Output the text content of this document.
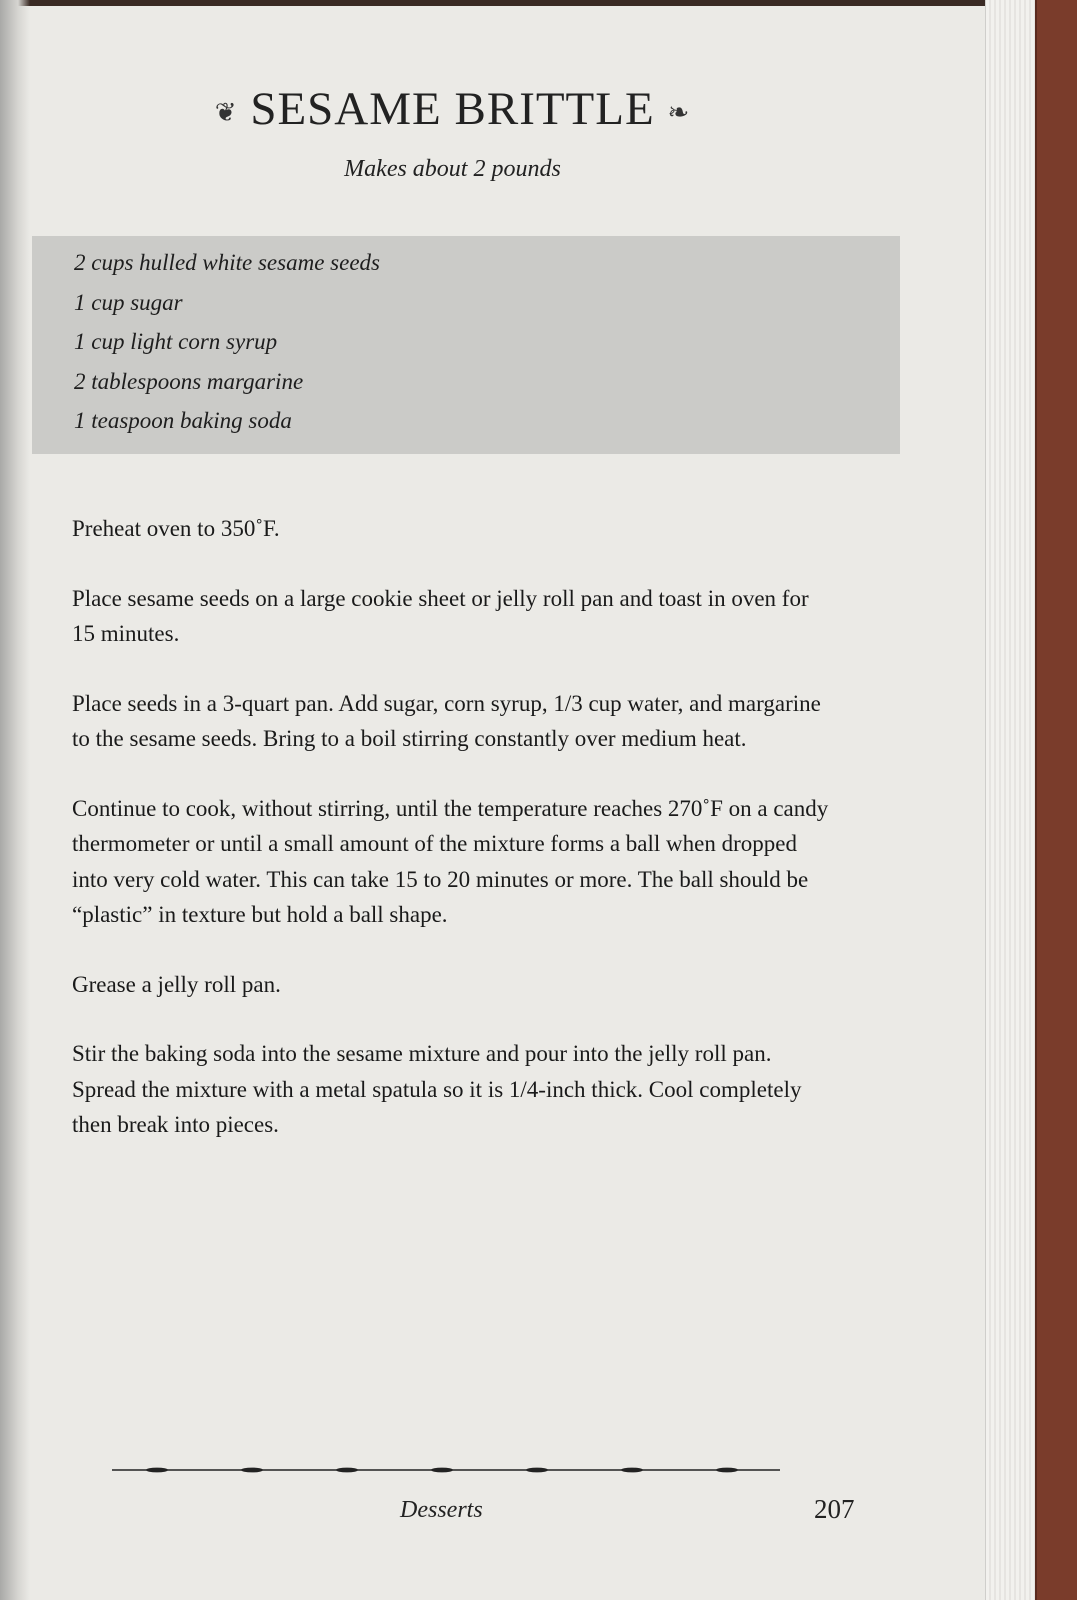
❦ SESAME BRITTLE ❧
Makes about 2 pounds
2 cups hulled white sesame seeds
1 cup sugar
1 cup light corn syrup
2 tablespoons margarine
1 teaspoon baking soda

Preheat oven to 350˚F.

Place sesame seeds on a large cookie sheet or jelly roll pan and toast in oven for 15 minutes.

Place seeds in a 3-quart pan. Add sugar, corn syrup, 1/3 cup water, and margarine to the sesame seeds. Bring to a boil stirring constantly over medium heat.

Continue to cook, without stirring, until the temperature reaches 270˚F on a candy thermometer or until a small amount of the mixture forms a ball when dropped into very cold water. This can take 15 to 20 minutes or more. The ball should be “plastic” in texture but hold a ball shape.

Grease a jelly roll pan.

Stir the baking soda into the sesame mixture and pour into the jelly roll pan. Spread the mixture with a metal spatula so it is 1/4-inch thick. Cool completely then break into pieces.

Desserts	207
